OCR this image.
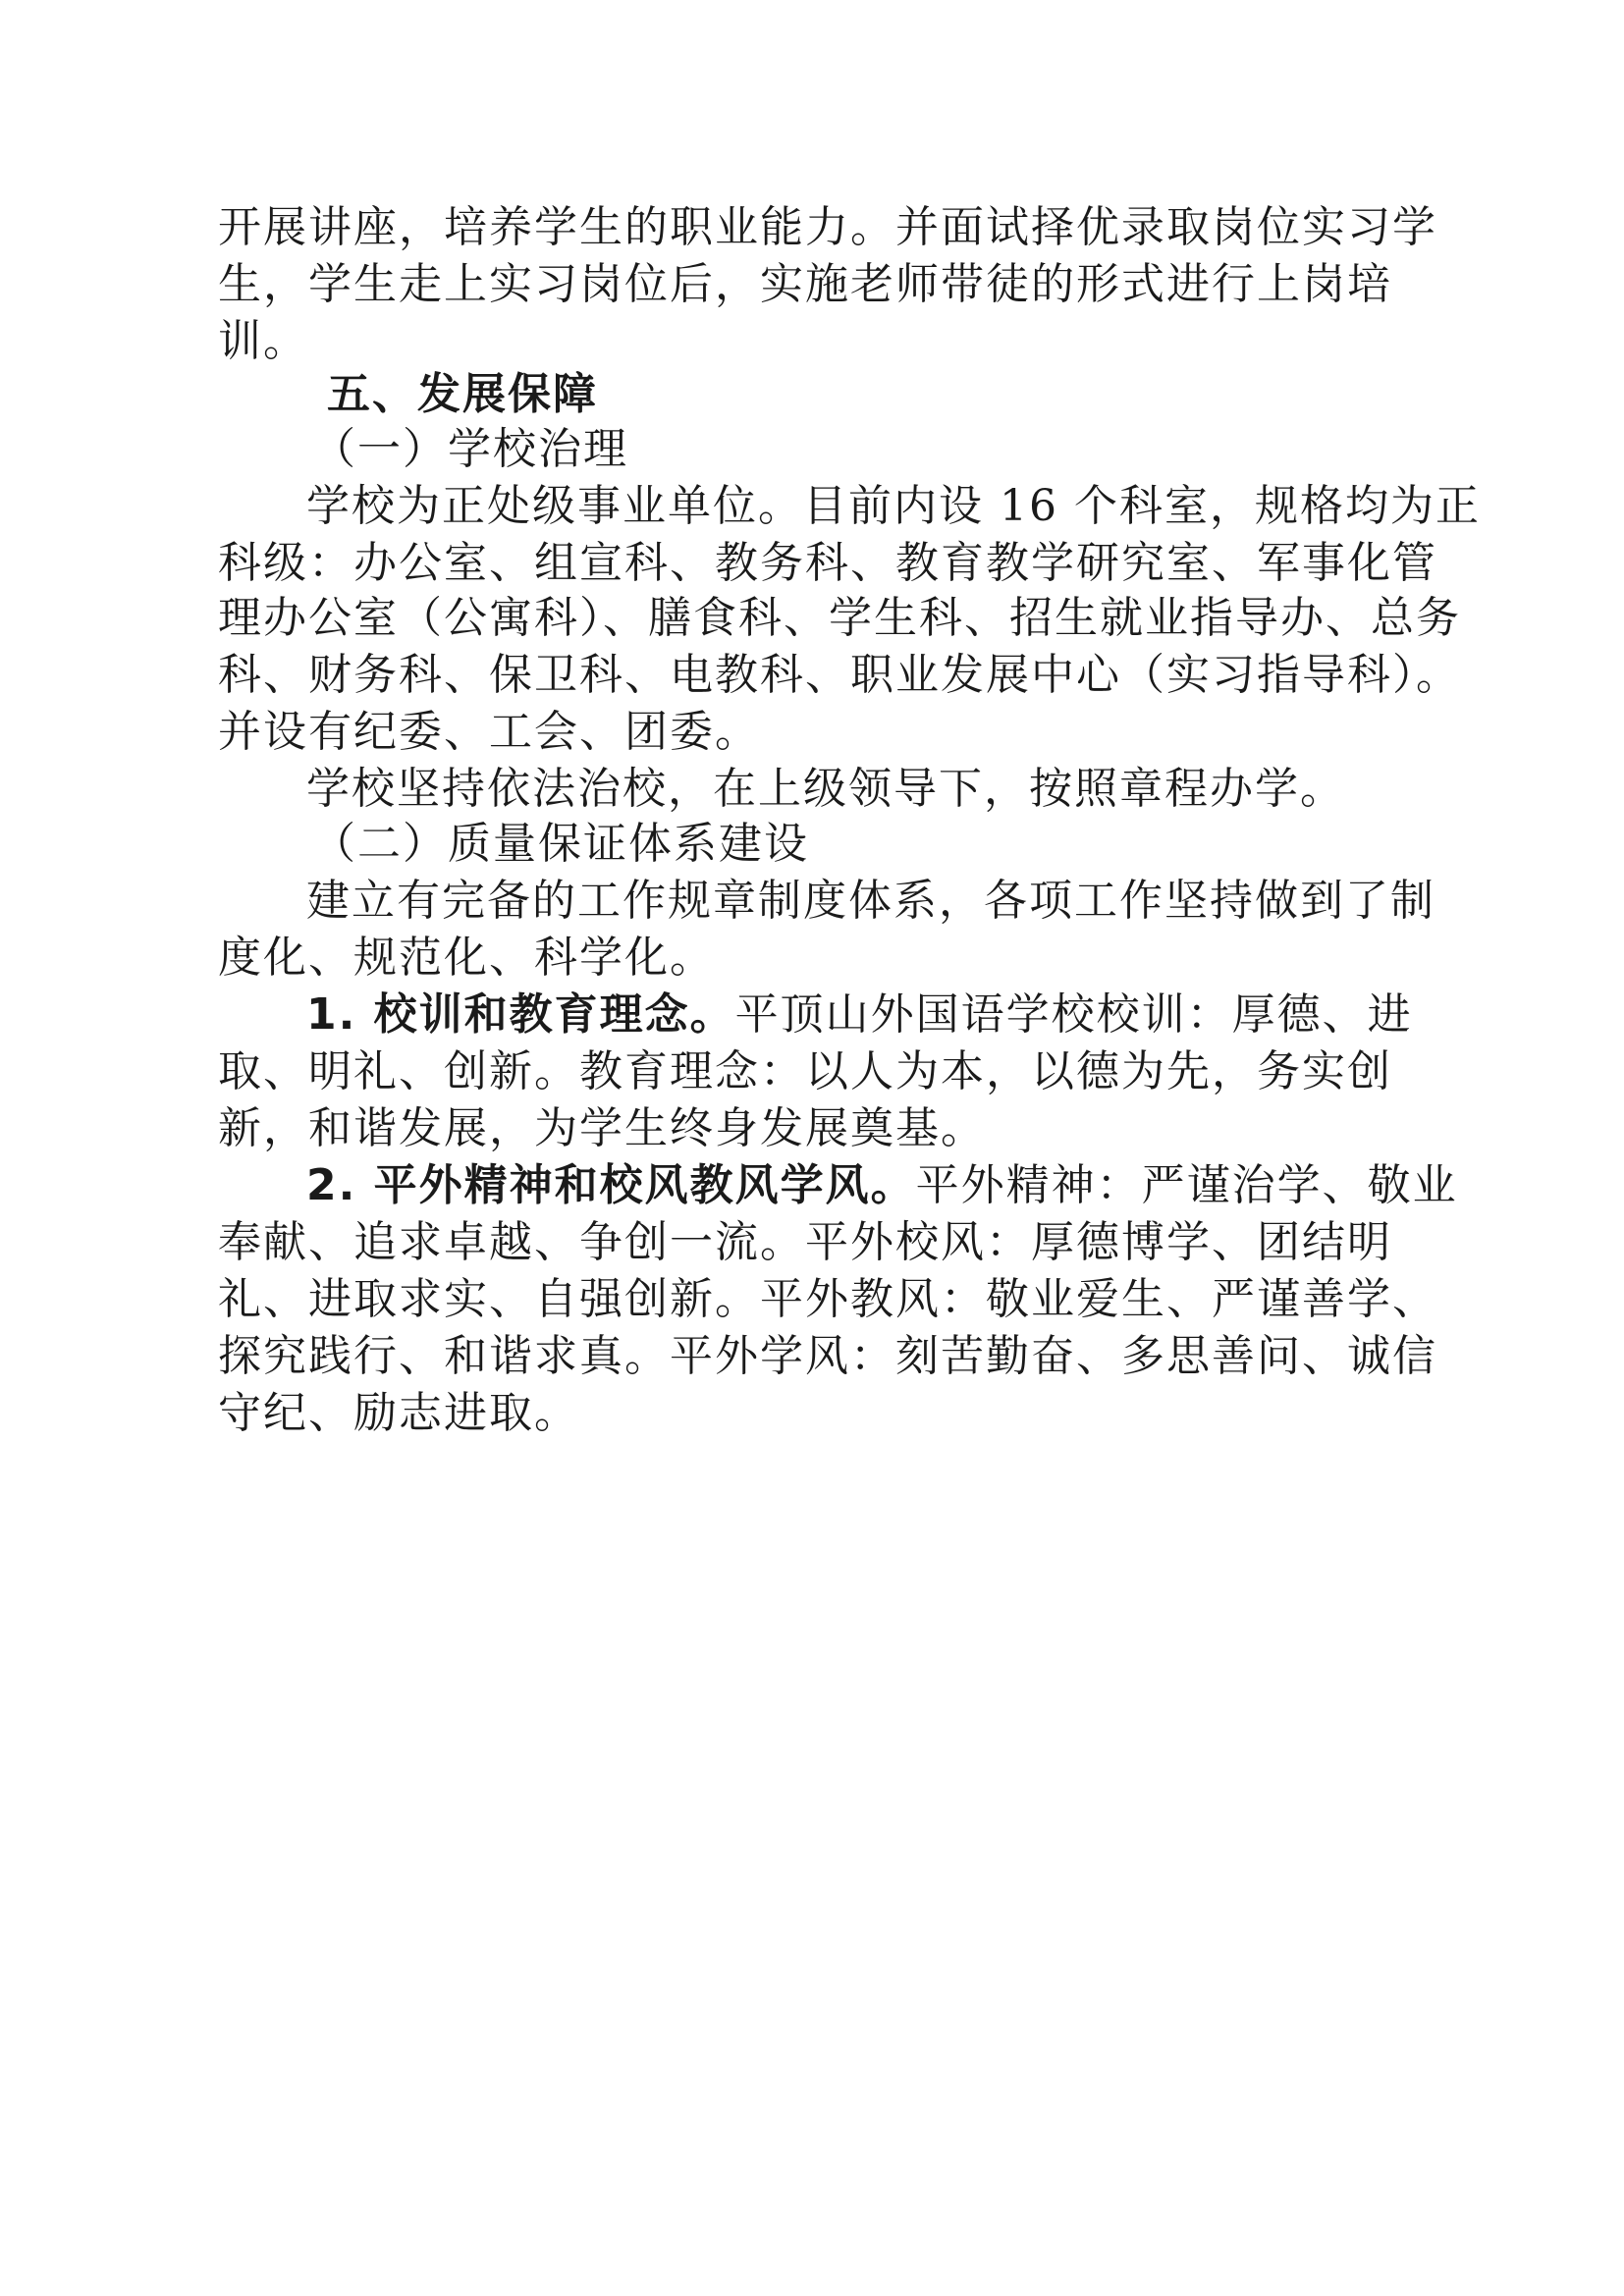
开展讲座，培养学生的职业能力。并面试择优录取岗位实习学

生，学生走上实习岗位后，实施老师带徒的形式进行上岗培

训。

五、发展保障

（一）学校治理

学校为正处级事业单位。目前内设 16 个科室，规格均为正

科级：办公室、组宣科、教务科、教育教学研究室、军事化管

理办公室（公寓科）、膳食科、学生科、招生就业指导办、总务

科、财务科、保卫科、电教科、职业发展中心（实习指导科）。

并设有纪委、工会、团委。

学校坚持依法治校，在上级领导下，按照章程办学。

（二）质量保证体系建设

建立有完备的工作规章制度体系，各项工作坚持做到了制

度化、规范化、科学化。

1. 校训和教育理念。平顶山外国语学校校训：厚德、进

取、明礼、创新。教育理念：以人为本，以德为先，务实创

新，和谐发展，为学生终身发展奠基。

2. 平外精神和校风教风学风。平外精神：严谨治学、敬业

奉献、追求卓越、争创一流。平外校风：厚德博学、团结明

礼、进取求实、自强创新。平外教风：敬业爱生、严谨善学、

探究践行、和谐求真。平外学风：刻苦勤奋、多思善问、诚信

守纪、励志进取。
